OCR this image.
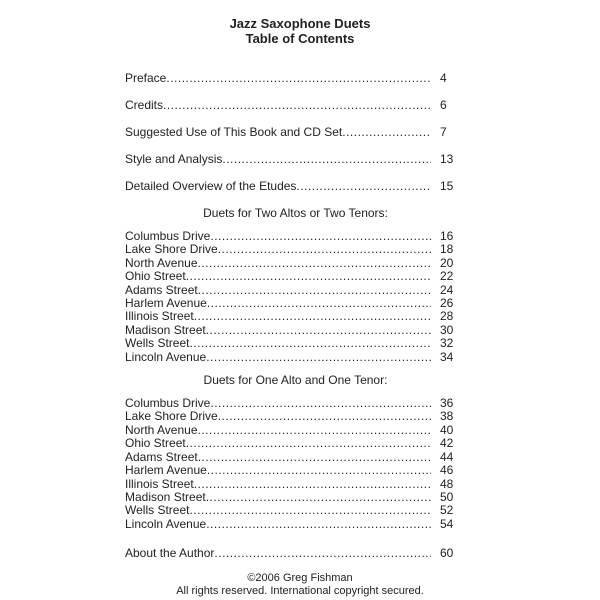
Jazz Saxophone Duets
Table of Contents
Preface .....	4
Credits .....	6
Suggested Use of This Book and CD Set .....	7
Style and Analysis .....	13
Detailed Overview of the Etudes .....	15
Duets for Two Altos or Two Tenors:
Columbus Drive .....	16
Lake Shore Drive .....	18
North Avenue .....	20
Ohio Street .....	22
Adams Street .....	24
Harlem Avenue .....	26
Illinois Street .....	28
Madison Street .....	30
Wells Street .....	32
Lincoln Avenue .....	34
Duets for One Alto and One Tenor:
Columbus Drive .....	36
Lake Shore Drive .....	38
North Avenue .....	40
Ohio Street .....	42
Adams Street .....	44
Harlem Avenue .....	46
Illinois Street .....	48
Madison Street .....	50
Wells Street .....	52
Lincoln Avenue .....	54
About the Author .....	60
©2006 Greg Fishman
All rights reserved. International copyright secured.
